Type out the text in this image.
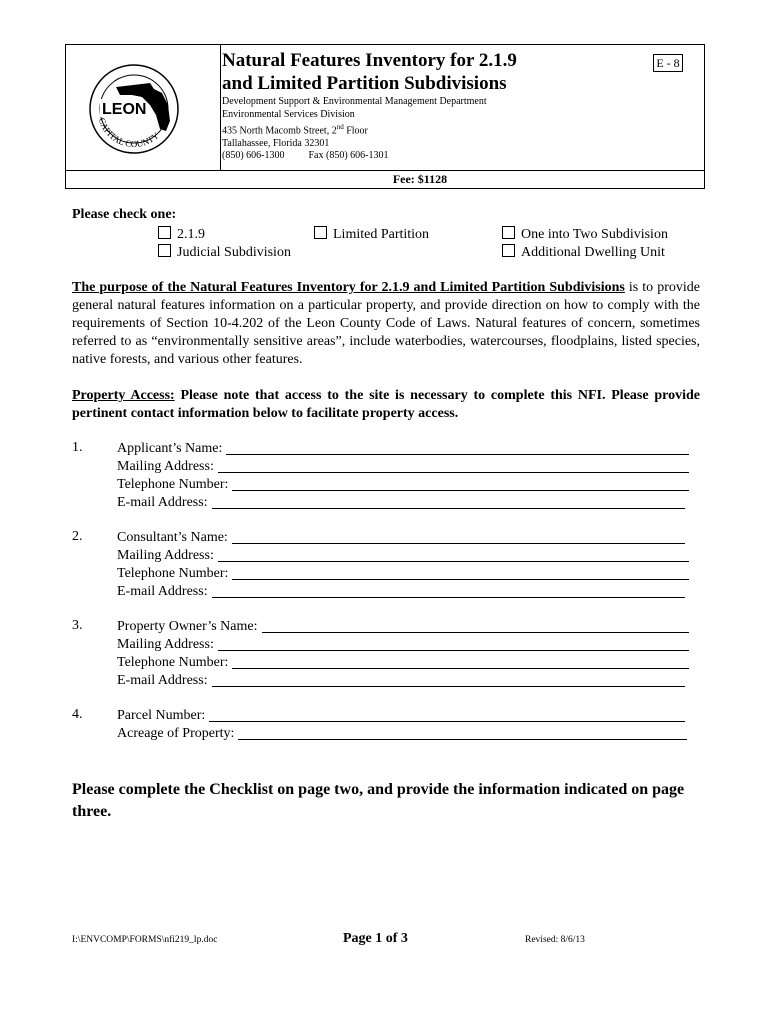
CAPITAL COUNTY
LEON
Fee: $1128
Natural Features Inventory for 2.1.9
and Limited Partition Subdivisions
E - 8
Development Support & Environmental Management Department
Environmental Services Division
435 North Macomb Street, 2nd Floor
Tallahassee, Florida 32301
(850) 606-1300 Fax (850) 606-1301
Please check one:
2.1.9
Judicial Subdivision
Limited Partition	One into Two Subdivision
Additional Dwelling Unit

The purpose of the Natural Features Inventory for 2.1.9 and Limited Partition Subdivisions is to provide general natural features information on a particular property, and provide direction on how to comply with the requirements of Section 10-4.202 of the Leon County Code of Laws. Natural features of concern, sometimes referred to as “environmentally sensitive areas”, include waterbodies, watercourses, floodplains, listed species, native forests, and various other features.

Property Access: Please note that access to the site is necessary to complete this NFI. Please provide pertinent contact information below to facilitate property access.

1. Applicant’s Name:
Mailing Address:
Telephone Number:
E-mail Address:
2. Consultant’s Name:
Mailing Address:
Telephone Number:
E-mail Address:
3. Property Owner’s Name:
Mailing Address:
Telephone Number:
E-mail Address:
4. Parcel Number:
Acreage of Property:

Please complete the Checklist on page two, and provide the information indicated on page three.

I:\ENVCOMP\FORMS\nfi219_lp.doc	Page 1 of 3	Revised: 8/6/13
